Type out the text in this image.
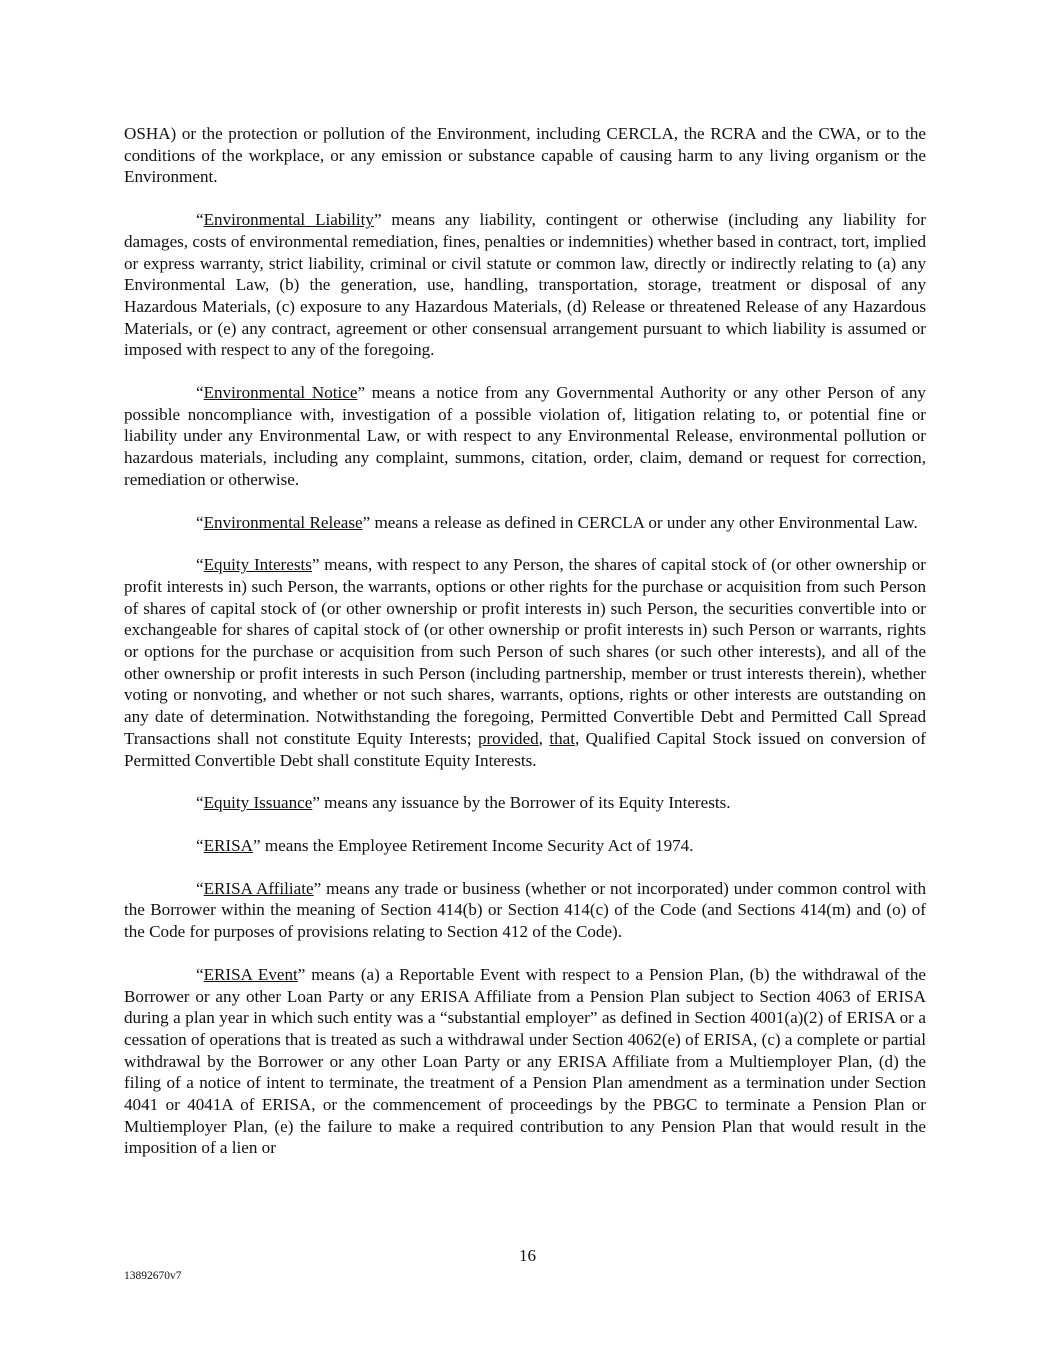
OSHA) or the protection or pollution of the Environment, including CERCLA, the RCRA and the CWA, or to the conditions of the workplace, or any emission or substance capable of causing harm to any living organism or the Environment.

“Environmental Liability” means any liability, contingent or otherwise (including any liability for damages, costs of environmental remediation, fines, penalties or indemnities) whether based in contract, tort, implied or express warranty, strict liability, criminal or civil statute or common law, directly or indirectly relating to (a) any Environmental Law, (b) the generation, use, handling, transportation, storage, treatment or disposal of any Hazardous Materials, (c) exposure to any Hazardous Materials, (d) Release or threatened Release of any Hazardous Materials, or (e) any contract, agreement or other consensual arrangement pursuant to which liability is assumed or imposed with respect to any of the foregoing.

“Environmental Notice” means a notice from any Governmental Authority or any other Person of any possible noncompliance with, investigation of a possible violation of, litigation relating to, or potential fine or liability under any Environmental Law, or with respect to any Environmental Release, environmental pollution or hazardous materials, including any complaint, summons, citation, order, claim, demand or request for correction, remediation or otherwise.

“Environmental Release” means a release as defined in CERCLA or under any other Environmental Law.

“Equity Interests” means, with respect to any Person, the shares of capital stock of (or other ownership or profit interests in) such Person, the warrants, options or other rights for the purchase or acquisition from such Person of shares of capital stock of (or other ownership or profit interests in) such Person, the securities convertible into or exchangeable for shares of capital stock of (or other ownership or profit interests in) such Person or warrants, rights or options for the purchase or acquisition from such Person of such shares (or such other interests), and all of the other ownership or profit interests in such Person (including partnership, member or trust interests therein), whether voting or nonvoting, and whether or not such shares, warrants, options, rights or other interests are outstanding on any date of determination. Notwithstanding the foregoing, Permitted Convertible Debt and Permitted Call Spread Transactions shall not constitute Equity Interests; provided, that, Qualified Capital Stock issued on conversion of Permitted Convertible Debt shall constitute Equity Interests.

“Equity Issuance” means any issuance by the Borrower of its Equity Interests.

“ERISA” means the Employee Retirement Income Security Act of 1974.

“ERISA Affiliate” means any trade or business (whether or not incorporated) under common control with the Borrower within the meaning of Section 414(b) or Section 414(c) of the Code (and Sections 414(m) and (o) of the Code for purposes of provisions relating to Section 412 of the Code).

“ERISA Event” means (a) a Reportable Event with respect to a Pension Plan, (b) the withdrawal of the Borrower or any other Loan Party or any ERISA Affiliate from a Pension Plan subject to Section 4063 of ERISA during a plan year in which such entity was a “substantial employer” as defined in Section 4001(a)(2) of ERISA or a cessation of operations that is treated as such a withdrawal under Section 4062(e) of ERISA, (c) a complete or partial withdrawal by the Borrower or any other Loan Party or any ERISA Affiliate from a Multiemployer Plan, (d) the filing of a notice of intent to terminate, the treatment of a Pension Plan amendment as a termination under Section 4041 or 4041A of ERISA, or the commencement of proceedings by the PBGC to terminate a Pension Plan or Multiemployer Plan, (e) the failure to make a required contribution to any Pension Plan that would result in the imposition of a lien or

16
13892670v7
